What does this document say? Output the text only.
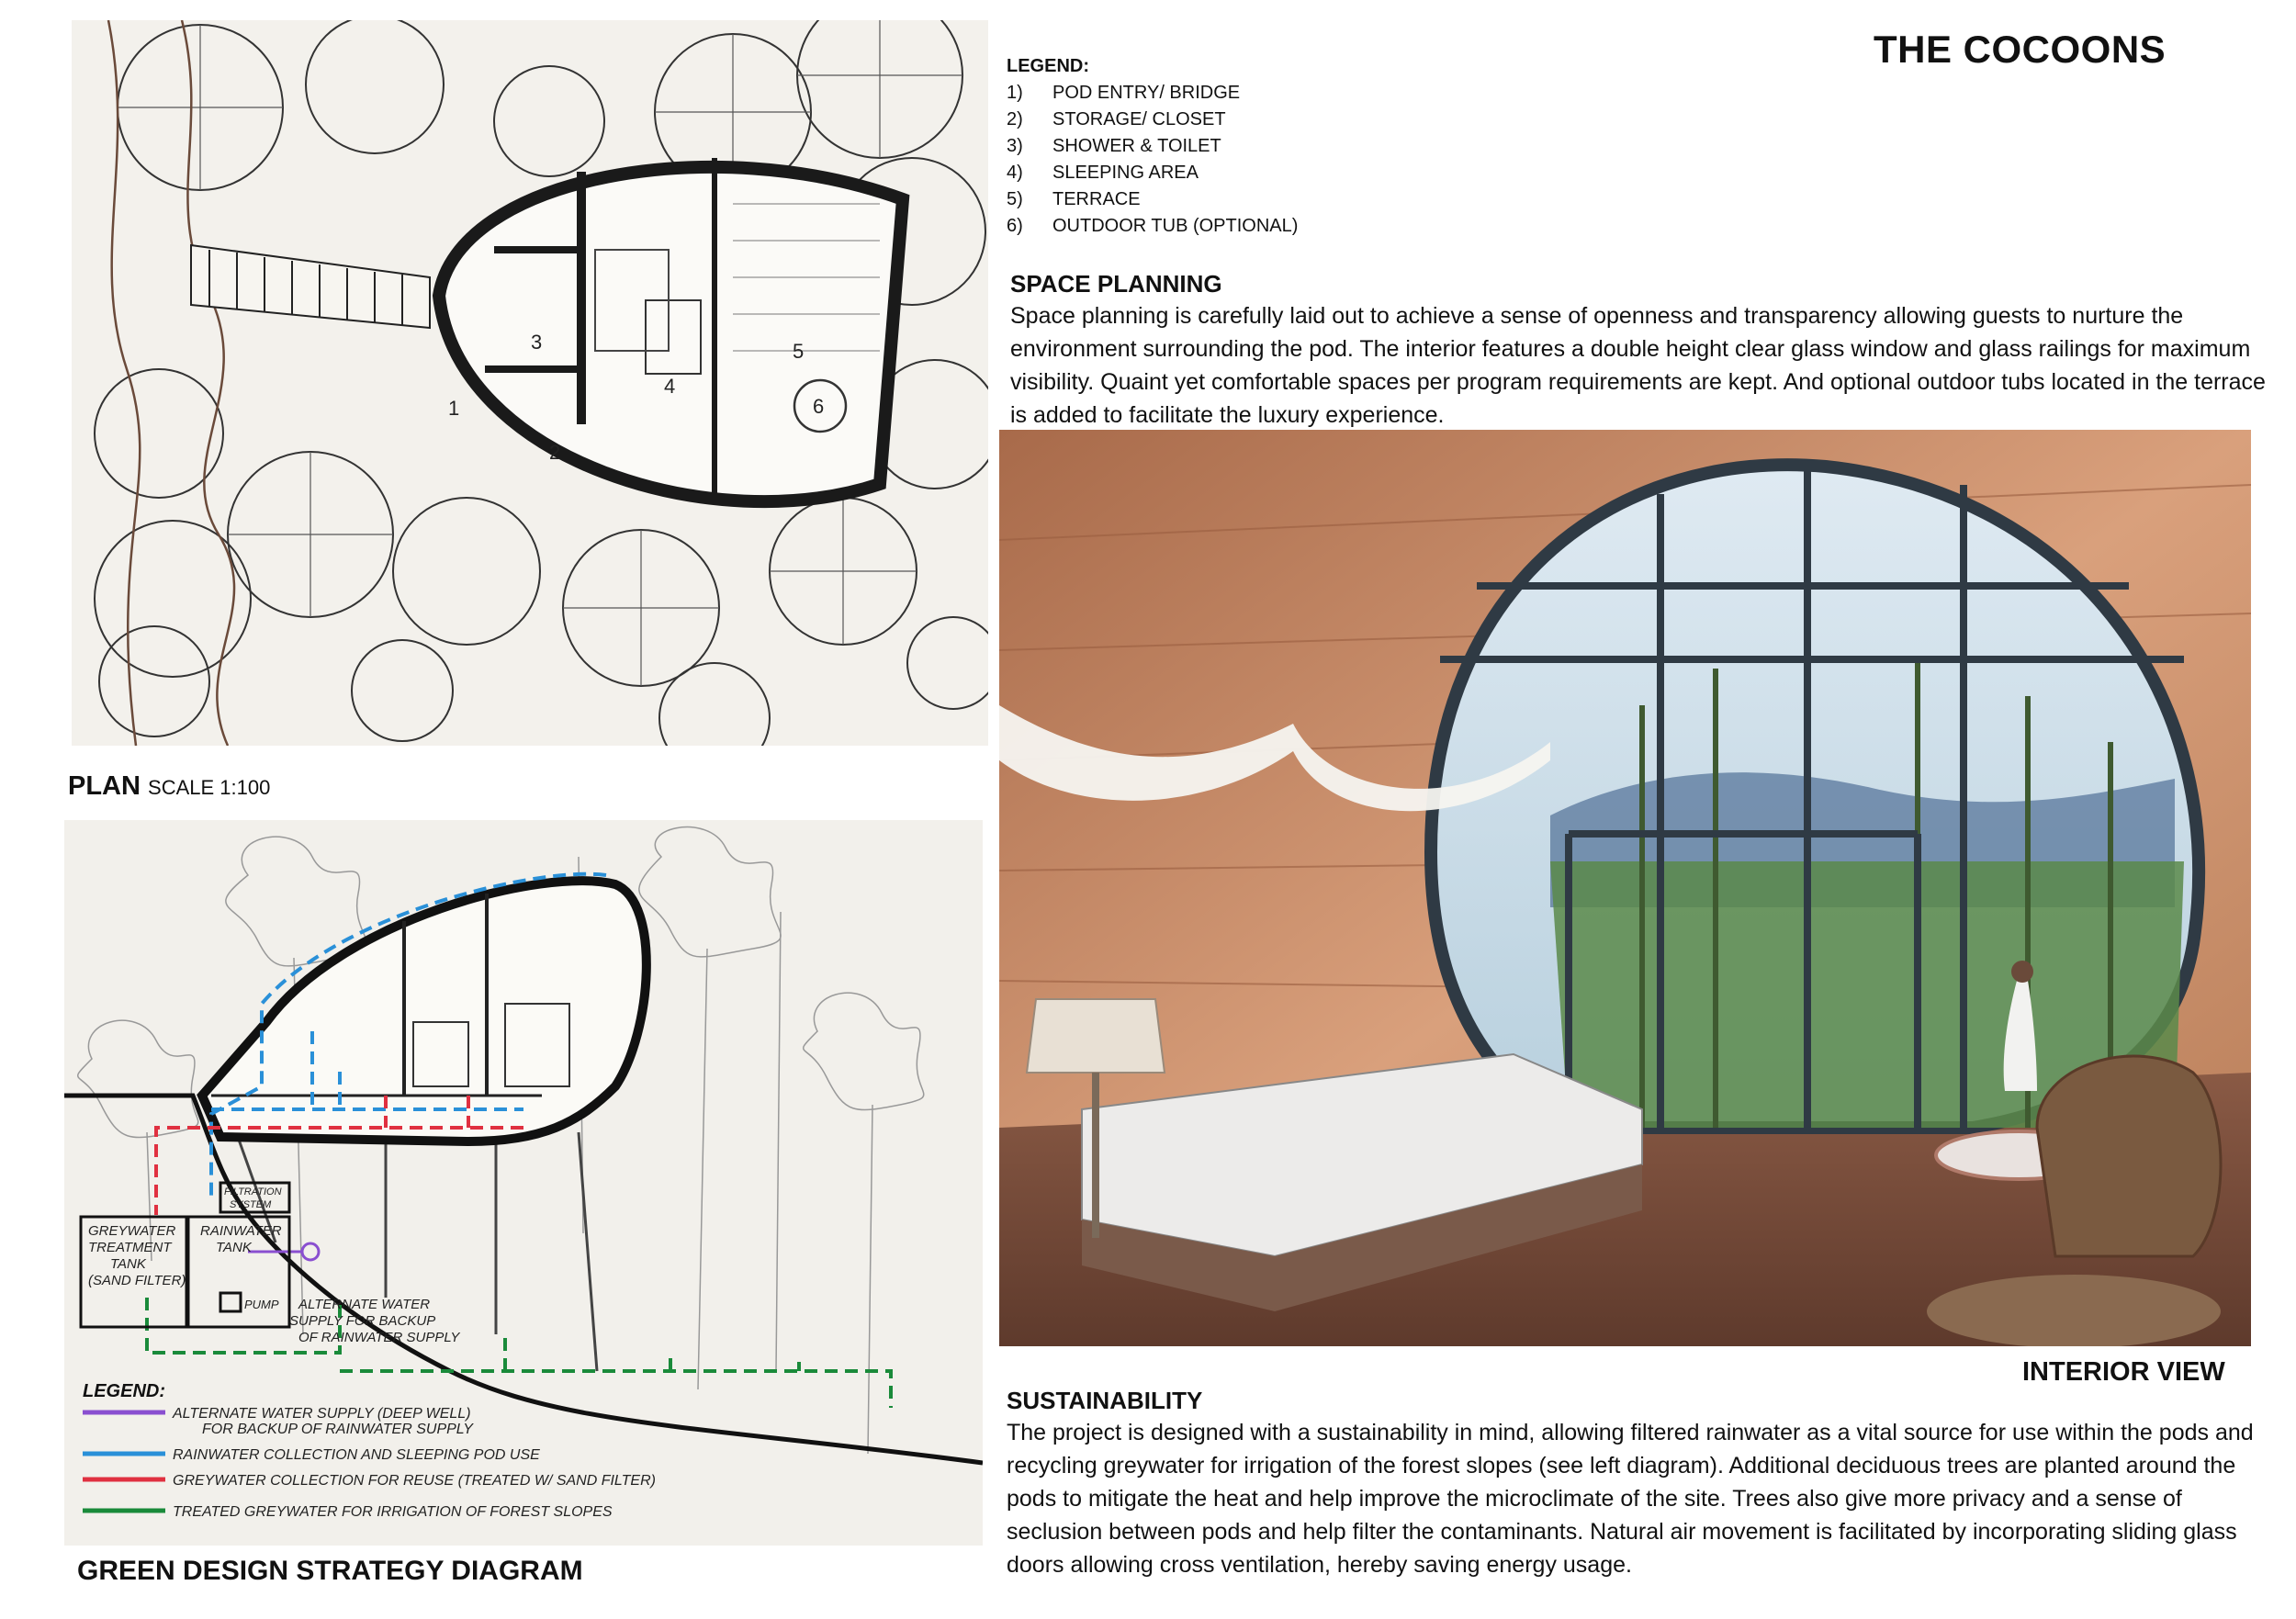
THE COCOONS
LEGEND:
1)	POD ENTRY/ BRIDGE
2)	STORAGE/ CLOSET
3)	SHOWER & TOILET
4)	SLEEPING AREA
5)	TERRACE
6)	OUTDOOR TUB (OPTIONAL)
SPACE PLANNING
Space planning is carefully laid out to achieve a sense of openness and transparency allowing guests to nurture the environment surrounding the pod. The interior features a double height clear glass window and glass railings for maximum visibility. Quaint yet comfortable spaces per program requirements are kept. And optional outdoor tubs located in the terrace is added to facilitate the luxury experience.
1
2
3
4
5
6
PLAN SCALE 1:100
GREYWATER
TREATMENT
TANK
(SAND FILTER)
RAINWATER
TANK
FILTRATION
SYSTEM
PUMP ALTERNATE WATER
SUPPLY FOR BACKUP
OF RAINWATER SUPPLY
LEGEND:
ALTERNATE WATER SUPPLY (DEEP WELL)
FOR BACKUP OF RAINWATER SUPPLY
RAINWATER COLLECTION AND SLEEPING POD USE
GREYWATER COLLECTION FOR REUSE (TREATED W/ SAND FILTER)
TREATED GREYWATER FOR IRRIGATION OF FOREST SLOPES
GREEN DESIGN STRATEGY DIAGRAM
INTERIOR VIEW
SUSTAINABILITY
The project is designed with a sustainability in mind, allowing filtered rainwater as a vital source for use within the pods and recycling greywater for irrigation of the forest slopes (see left diagram). Additional deciduous trees are planted around the pods to mitigate the heat and help improve the microclimate of the site. Trees also give more privacy and a sense of seclusion between pods and help filter the contaminants. Natural air movement is facilitated by incorporating sliding glass doors allowing cross ventilation, hereby saving energy usage.
